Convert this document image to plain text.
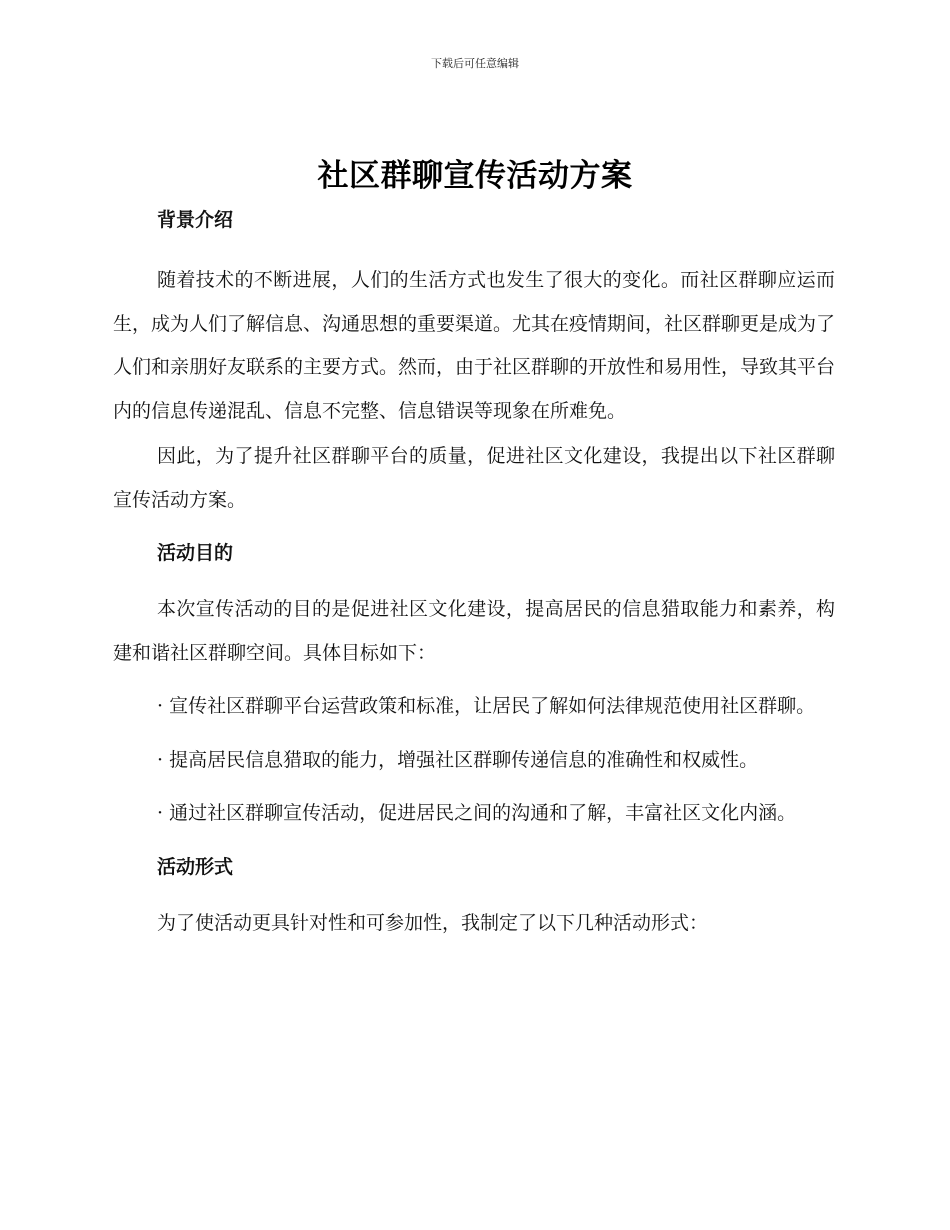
下载后可任意编辑
社区群聊宣传活动方案
背景介绍

随着技术的不断进展，人们的生活方式也发生了很大的变化。而社区群聊应运而生，成为人们了解信息、沟通思想的重要渠道。尤其在疫情期间，社区群聊更是成为了人们和亲朋好友联系的主要方式。然而，由于社区群聊的开放性和易用性，导致其平台内的信息传递混乱、信息不完整、信息错误等现象在所难免。

因此，为了提升社区群聊平台的质量，促进社区文化建设，我提出以下社区群聊宣传活动方案。

活动目的

本次宣传活动的目的是促进社区文化建设，提高居民的信息猎取能力和素养，构建和谐社区群聊空间。具体目标如下：

· 宣传社区群聊平台运营政策和标准，让居民了解如何法律规范使用社区群聊。

· 提高居民信息猎取的能力，增强社区群聊传递信息的准确性和权威性。

· 通过社区群聊宣传活动，促进居民之间的沟通和了解，丰富社区文化内涵。

活动形式

为了使活动更具针对性和可参加性，我制定了以下几种活动形式：
